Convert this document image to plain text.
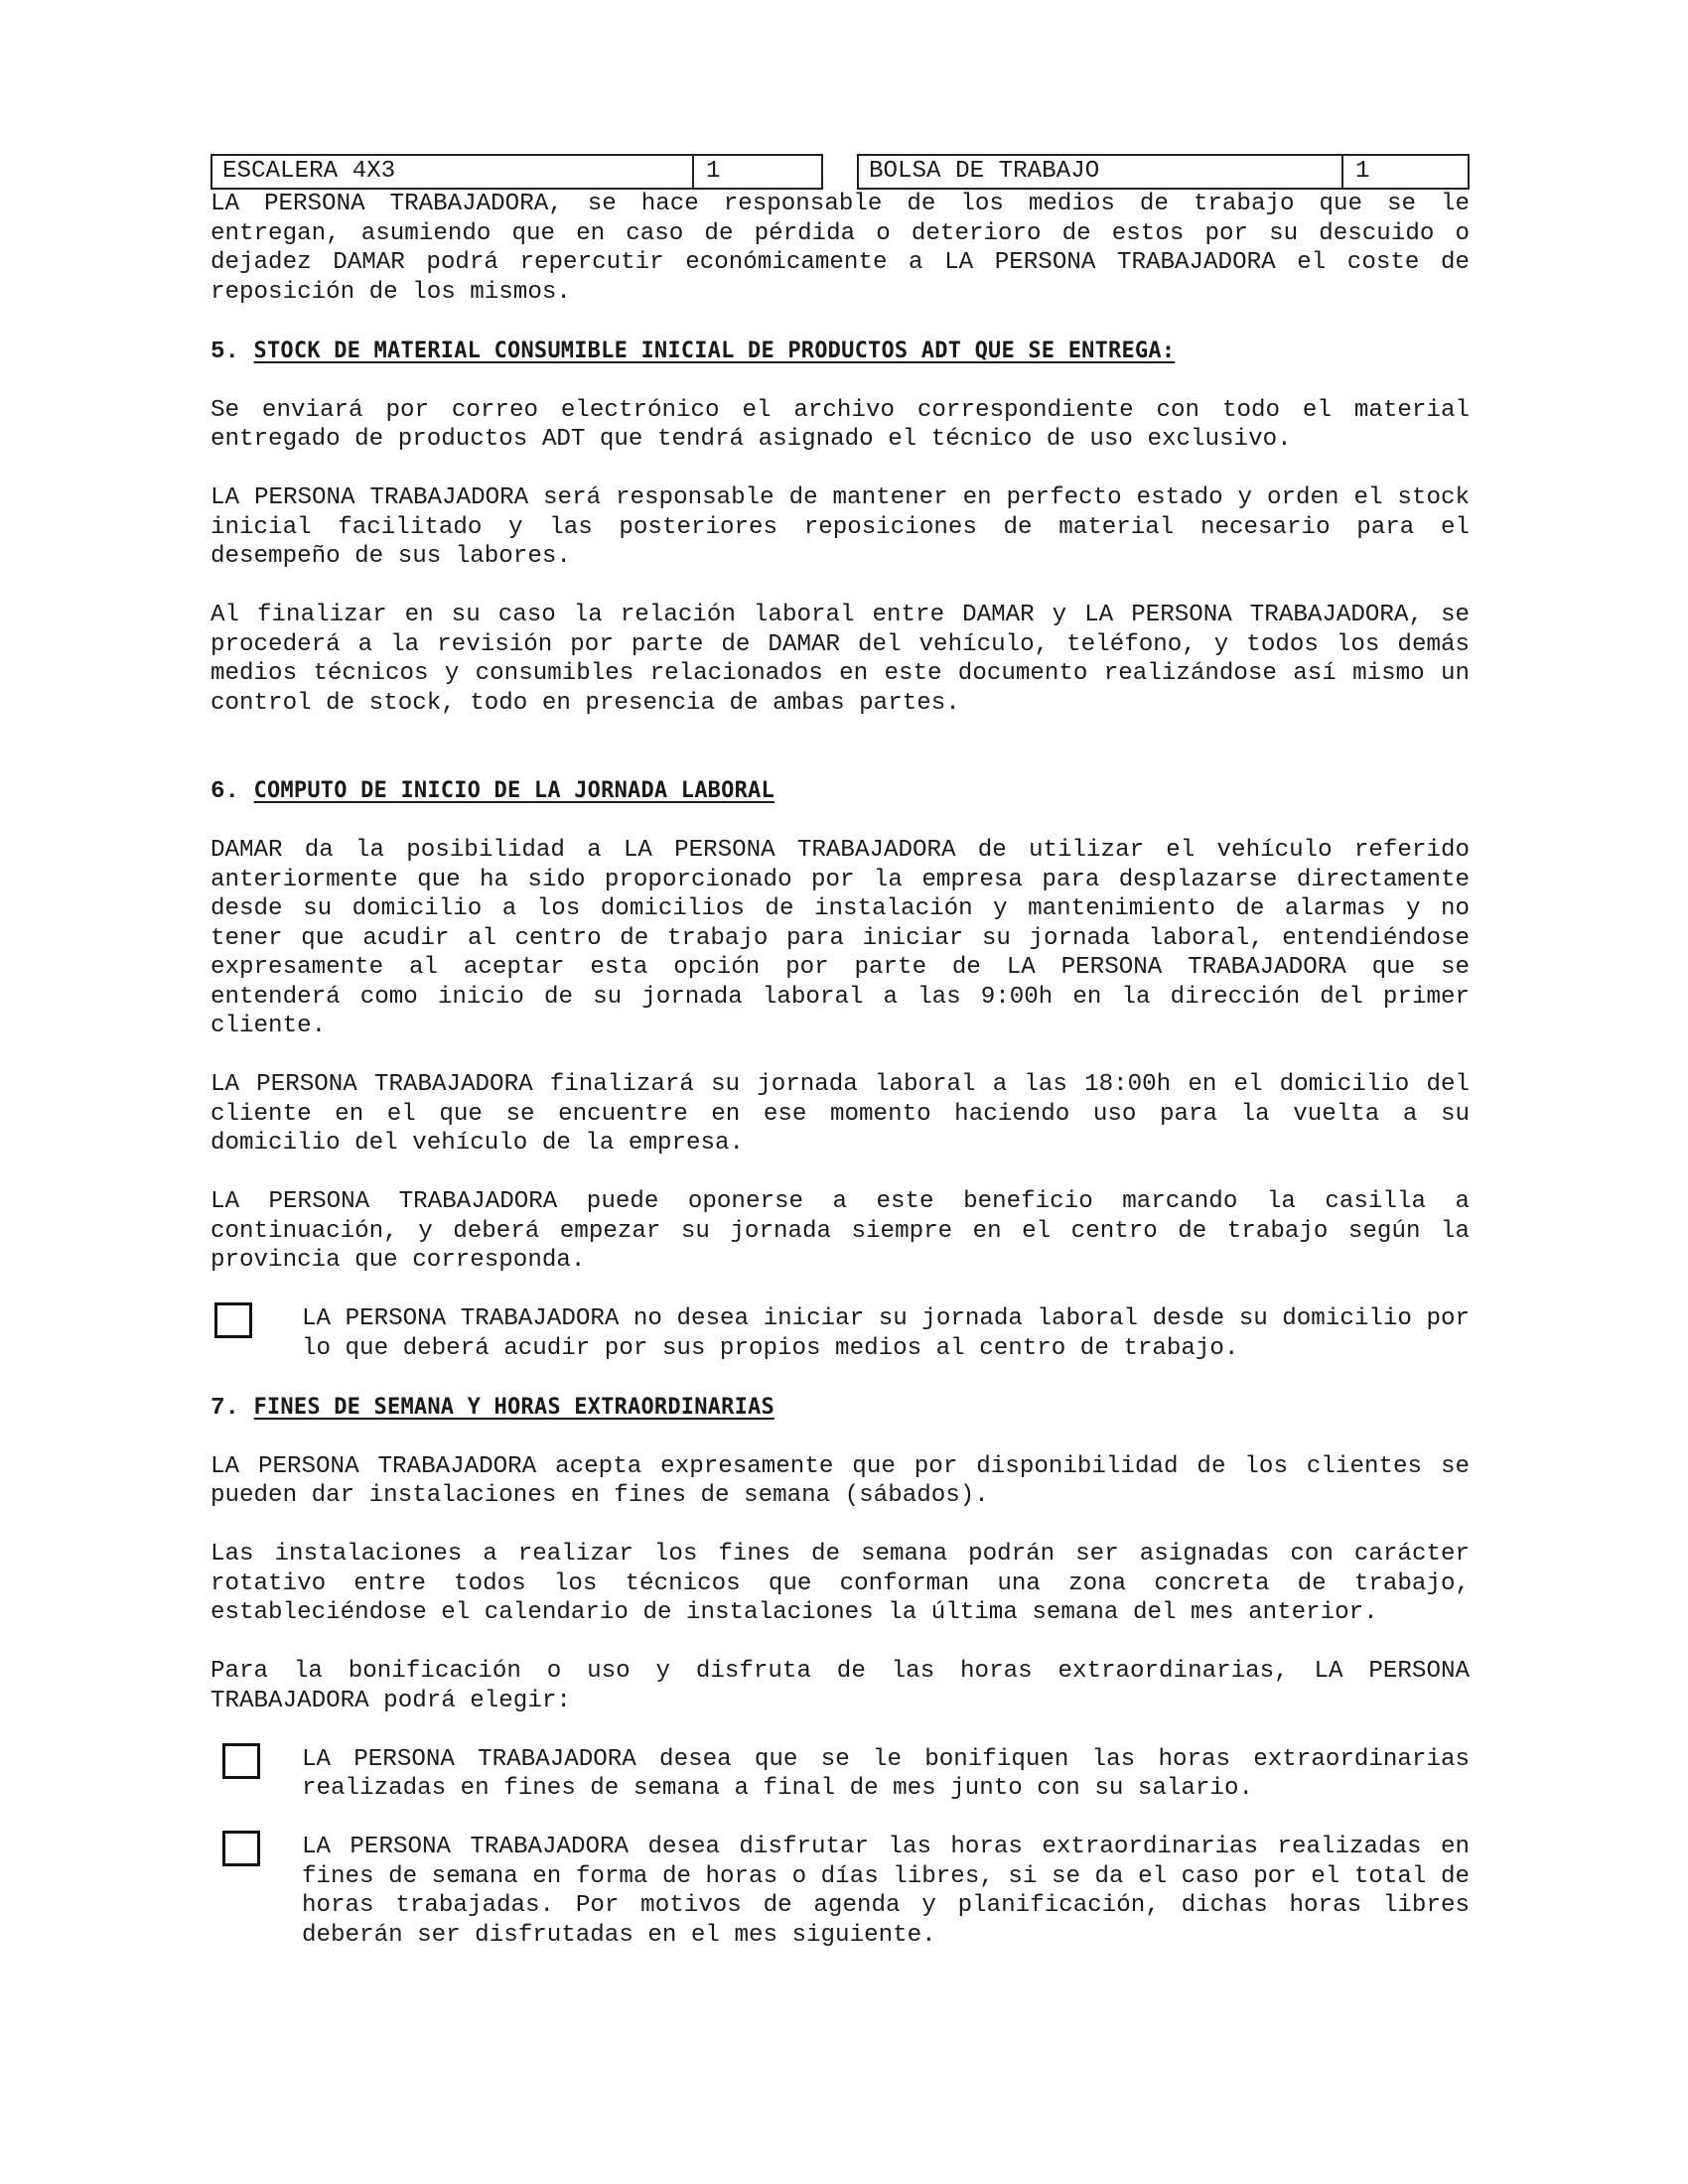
ESCALERA 4X3	1	BOLSA DE TRABAJO	1

LA PERSONA TRABAJADORA, se hace responsable de los medios de trabajo que se le entregan, asumiendo que en caso de pérdida o deterioro de estos por su descuido o dejadez DAMAR podrá repercutir económicamente a LA PERSONA TRABAJADORA el coste de reposición de los mismos.

5. STOCK DE MATERIAL CONSUMIBLE INICIAL DE PRODUCTOS ADT QUE SE ENTREGA:

Se enviará por correo electrónico el archivo correspondiente con todo el material entregado de productos ADT que tendrá asignado el técnico de uso exclusivo.

LA PERSONA TRABAJADORA será responsable de mantener en perfecto estado y orden el stock inicial facilitado y las posteriores reposiciones de material necesario para el desempeño de sus labores.

Al finalizar en su caso la relación laboral entre DAMAR y LA PERSONA TRABAJADORA, se procederá a la revisión por parte de DAMAR del vehículo, teléfono, y todos los demás medios técnicos y consumibles relacionados en este documento realizándose así mismo un control de stock, todo en presencia de ambas partes.

6. COMPUTO DE INICIO DE LA JORNADA LABORAL

DAMAR da la posibilidad a LA PERSONA TRABAJADORA de utilizar el vehículo referido anteriormente que ha sido proporcionado por la empresa para desplazarse directamente desde su domicilio a los domicilios de instalación y mantenimiento de alarmas y no tener que acudir al centro de trabajo para iniciar su jornada laboral, entendiéndose expresamente al aceptar esta opción por parte de LA PERSONA TRABAJADORA que se entenderá como inicio de su jornada laboral a las 9:00h en la dirección del primer cliente.

LA PERSONA TRABAJADORA finalizará su jornada laboral a las 18:00h en el domicilio del cliente en el que se encuentre en ese momento haciendo uso para la vuelta a su domicilio del vehículo de la empresa.

LA PERSONA TRABAJADORA puede oponerse a este beneficio marcando la casilla a continuación, y deberá empezar su jornada siempre en el centro de trabajo según la provincia que corresponda.

LA PERSONA TRABAJADORA no desea iniciar su jornada laboral desde su domicilio por lo que deberá acudir por sus propios medios al centro de trabajo.

7. FINES DE SEMANA Y HORAS EXTRAORDINARIAS

LA PERSONA TRABAJADORA acepta expresamente que por disponibilidad de los clientes se pueden dar instalaciones en fines de semana (sábados).

Las instalaciones a realizar los fines de semana podrán ser asignadas con carácter rotativo entre todos los técnicos que conforman una zona concreta de trabajo, estableciéndose el calendario de instalaciones la última semana del mes anterior.

Para la bonificación o uso y disfruta de las horas extraordinarias, LA PERSONA TRABAJADORA podrá elegir:

LA PERSONA TRABAJADORA desea que se le bonifiquen las horas extraordinarias realizadas en fines de semana a final de mes junto con su salario.

LA PERSONA TRABAJADORA desea disfrutar las horas extraordinarias realizadas en fines de semana en forma de horas o días libres, si se da el caso por el total de horas trabajadas. Por motivos de agenda y planificación, dichas horas libres deberán ser disfrutadas en el mes siguiente.
